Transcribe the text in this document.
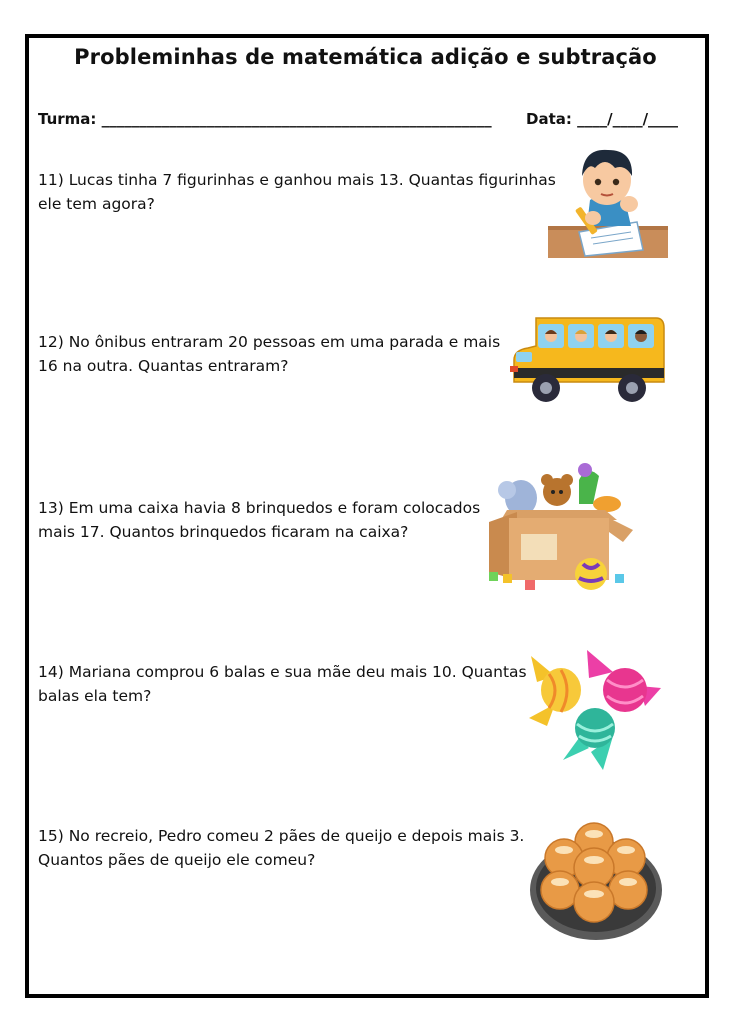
Probleminhas de matemática adição e subtração
Turma: ____________________________________________________ Data: ____/____/____
11) Lucas tinha 7 figurinhas e ganhou mais 13. Quantas figurinhas
ele tem agora?
12) No ônibus entraram 20 pessoas em uma parada e mais
16 na outra. Quantas entraram?
13) Em uma caixa havia 8 brinquedos e foram colocados
mais 17. Quantos brinquedos ficaram na caixa?
14) Mariana comprou 6 balas e sua mãe deu mais 10. Quantas
balas ela tem?
15) No recreio, Pedro comeu 2 pães de queijo e depois mais 3.
Quantos pães de queijo ele comeu?
